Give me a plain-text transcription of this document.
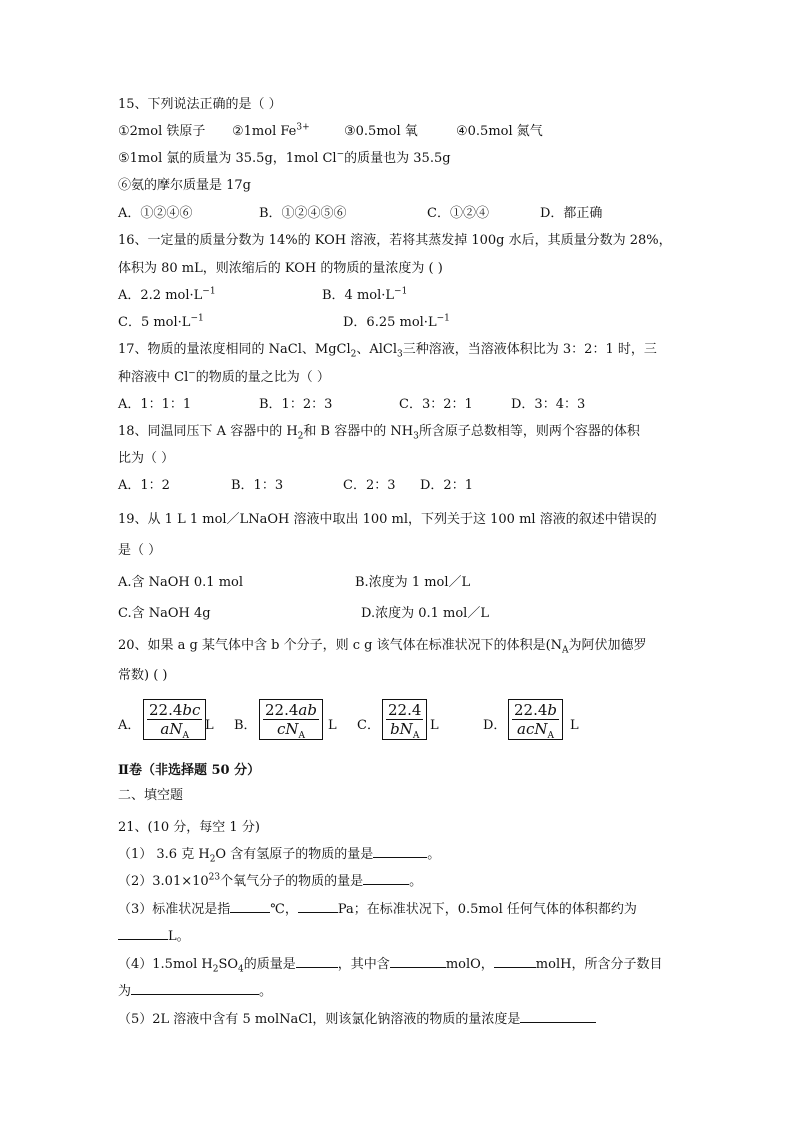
15、下列说法正确的是（ ）
①2mol 铁原子 ②1mol $Fe^{3+}$	③0.5mol 氧	④0.5mol 氮气
⑤1mol 氯的质量为 35.5g，1mol Cl−的质量也为 35.5g
⑥氨的摩尔质量是 17g
A．①②④⑥	B．①②④⑤⑥	C．①②④	D．都正确
16、一定量的质量分数为 14%的 KOH 溶液，若将其蒸发掉 100g 水后，其质量分数为 28%，
体积为 80 mL，则浓缩后的 KOH 的物质的量浓度为 ( )
A．2.2 $mol\cdot L^{-1}$	B．4 $mol\cdot L^{-1}$
C．5 $mol\cdot L^{-1}$	D．6.25 $mol\cdot L^{-1}$
17、物质的量浓度相同的 NaCl、MgCl$_2$、AlCl$_3$三种溶液，当溶液体积比为 3：2：1 时，三
种溶液中 Cl−的物质的量之比为（ ）
A．1：1：1	B．1：2：3	C．3：2：1	D．3：4：3
18、同温同压下 A 容器中的 $H_2$和 B 容器中的 $NH_3$所含原子总数相等，则两个容器的体积
比为（ ）
A．1：2	B．1：3	C．2：3 D．2：1
19、从 1 L 1 mol／LNaOH 溶液中取出 100 ml，下列关于这 100 ml 溶液的叙述中错误的
是（ ）
A.含 NaOH 0.1 mol	B.浓度为 1 mol／L
C.含 NaOH 4g	D.浓度为 0.1 mol／L
20、如果 a g 某气体中含 b 个分子，则 c g 该气体在标准状况下的体积是($N_A$为阿伏加德罗
常数) ( )
A． $\frac{22.4bc}{aN_A}$ L B． $\frac{22.4ab}{cN_A}$ L C． $\frac{22.4}{bN_A}$ L	D． $\frac{22.4b}{acN_A}$ L
Ⅱ卷（非选择题 50 分）
二、填空题
21、(10 分，每空 1 分)
（1） 3.6 克 $H_2O$ 含有氢原子的物质的量是	。
$(2)3.01\times 10^{23}$个氧气分子的物质的量是	。
（3）标准状况是指	℃，	Pa；在标准状况下，0.5mol 任何气体的体积都约为
L。
（4）1.5mol $H_2SO_4$的质量是	，其中含	molO，	molH，所含分子数目
为	。
（5）2L 溶液中含有 5 molNaCl，则该氯化钠溶液的物质的量浓度是
